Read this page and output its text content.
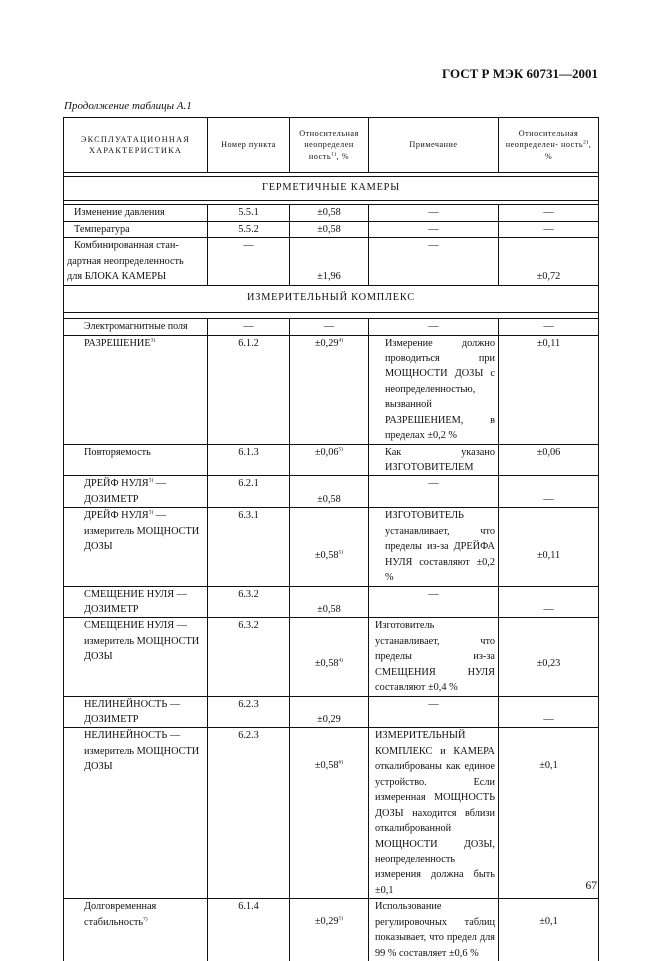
ГОСТ Р МЭК 60731—2001
Продолжение таблицы А.1
ЭКСПЛУАТАЦИОННАЯ ХАРАКТЕРИСТИКА	Номер пункта	Относительная неопределен ность$^{1)}$, %	Примечание	Относительная неопределен- ность$^{2)}$, %

ГЕРМЕТИЧНЫЕ КАМЕРЫ				

Изменение давления	5.5.1	±0,58	—	—
Температура	5.5.2	±0,58	—	—

Комбинированная стан-
дартная неопределенность
для БЛОКА КАМЕРЫ	—	±1,96	—	±0,72
ИЗМЕРИТЕЛЬНЫЙ КОМПЛЕКС				

Электромагнитные поля	—	—	—	—
РАЗРЕШЕНИЕ$^{3)}$	6.1.2	$\pm 0,29^{4)}$	Измерение должно проводиться при МОЩНОСТИ ДОЗЫ с неопределенностью, вызванной РАЗРЕШЕНИЕМ, в пределах ±0,2 %	±0,11
Повторяемость	6.1.3	$\pm 0,06^{5)}$	Как указано ИЗГОТОВИТЕЛЕМ	±0,06
ДРЕЙФ НУЛЯ$^{3)}$ — ДОЗИМЕТР	6.2.1	±0,58	—	—
ДРЕЙФ НУЛЯ$^{3)}$ — измеритель МОЩНОСТИ ДОЗЫ	6.3.1	$\pm 0,58^{5)}$	ИЗГОТОВИТЕЛЬ устанавливает, что пределы из-за ДРЕЙФА НУЛЯ составляют ±0,2 %	±0,11
СМЕЩЕНИЕ НУЛЯ — ДОЗИМЕТР	6.3.2	±0,58	—	—
СМЕЩЕНИЕ НУЛЯ — измеритель МОЩНОСТИ ДОЗЫ	6.3.2	$\pm 0,58^{4)}$	Изготовитель устанавливает, что пределы из-за СМЕЩЕНИЯ НУЛЯ составляют ±0,4 %	±0,23
НЕЛИНЕЙНОСТЬ — ДОЗИМЕТР	6.2.3	±0,29	—	—
НЕЛИНЕЙНОСТЬ — измеритель МОЩНОСТИ ДОЗЫ	6.2.3	$\pm 0,58^{6)}$	ИЗМЕРИТЕЛЬНЫЙ КОМПЛЕКС и КАМЕРА откалиброваны как единое устройство. Если измеренная МОЩНОСТЬ ДОЗЫ находится вблизи откалиброванной МОЩНОСТИ ДОЗЫ, неопределенность измерения должна быть ±0,1	±0,1
Долговременная стабильность$^{7)}$	6.1.4	$\pm 0,29^{5)}$	Использование регулировочных таблиц показывает, что предел для 99 % составляет ±0,6 %	±0,1
67
